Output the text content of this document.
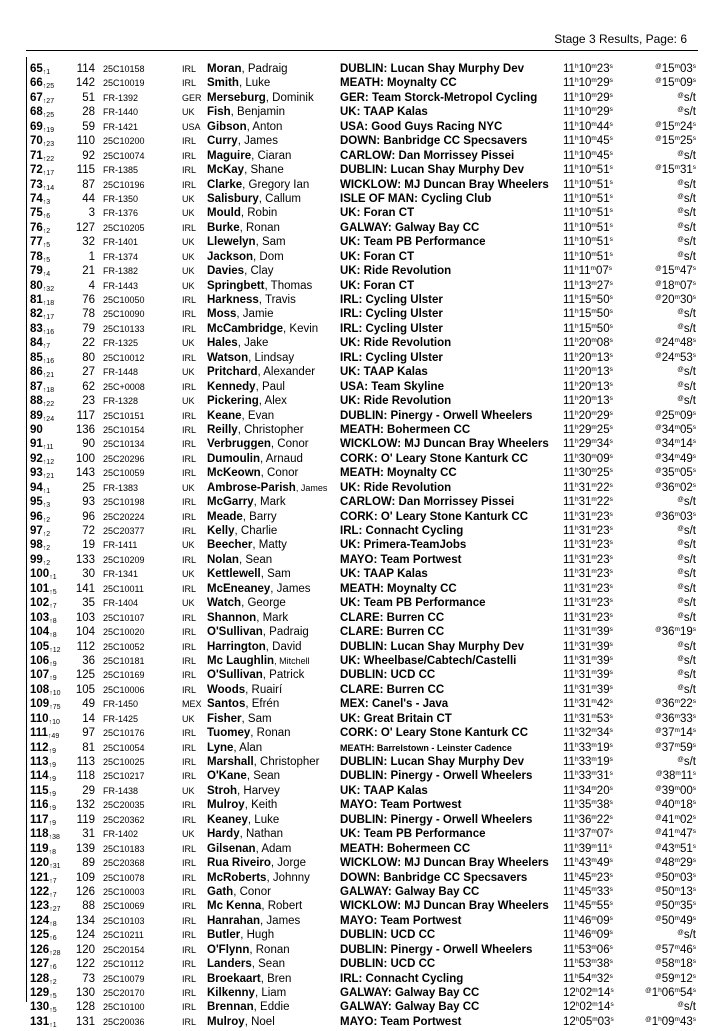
Stage 3 Results, Page: 6
$65_{↑1}$	114 25C10158	IRL Moran, Padraig	DUBLIN: Lucan Shay Murphy Dev	11$^h$10$^m$23$^s$	@15$^m$03$^s$
$66_{↑25}$	142 25C10019	IRL Smith, Luke	MEATH: Moynalty CC	11$^h$10$^m$29$^s$	@15$^m$09$^s$
$67_{↑27}$	51 FR-1392	GER Merseburg, Dominik	GER: Team Storck-Metropol Cycling	11$^h$10$^m$29$^s$	@s/t
$68_{↑25}$	28 FR-1440	UK Fish, Benjamin	UK: TAAP Kalas	11$^h$10$^m$29$^s$	@s/t
$69_{↑19}$	59 FR-1421	USA Gibson, Anton	USA: Good Guys Racing NYC	11$^h$10$^m$44$^s$	@15$^m$24$^s$
$70_{↑23}$	110 25C10200	IRL Curry, James	DOWN: Banbridge CC Specsavers	11$^h$10$^m$45$^s$	@15$^m$25$^s$
$71_{↑22}$	92 25C10074	IRL Maguire, Ciaran	CARLOW: Dan Morrissey Pissei	11$^h$10$^m$45$^s$	@s/t
$72_{↑17}$	115 FR-1385	IRL McKay, Shane	DUBLIN: Lucan Shay Murphy Dev	11$^h$10$^m$51$^s$	@15$^m$31$^s$
$73_{↑14}$	87 25C10196	IRL Clarke, Gregory Ian	WICKLOW: MJ Duncan Bray Wheelers	11$^h$10$^m$51$^s$	@s/t
$74_{↑3}$	44 FR-1350	UK Salisbury, Callum	ISLE OF MAN: Cycling Club	11$^h$10$^m$51$^s$	@s/t
$75_{↑6}$	3 FR-1376	UK Mould, Robin	UK: Foran CT	11$^h$10$^m$51$^s$	@s/t
$76_{↑2}$	127 25C10205	IRL Burke, Ronan	GALWAY: Galway Bay CC	11$^h$10$^m$51$^s$	@s/t
$77_{↑5}$	32 FR-1401	UK Llewelyn, Sam	UK: Team PB Performance	11$^h$10$^m$51$^s$	@s/t
$78_{↑5}$	1 FR-1374	UK Jackson, Dom	UK: Foran CT	11$^h$10$^m$51$^s$	@s/t
$79_{↑4}$	21 FR-1382	UK Davies, Clay	UK: Ride Revolution	11$^h$11$^m$07$^s$	@15$^m$47$^s$
$80_{↑32}$	4 FR-1443	UK Springbett, Thomas	UK: Foran CT	11$^h$13$^m$27$^s$	@18$^m$07$^s$
$81_{↑18}$	76 25C10050	IRL Harkness, Travis	IRL: Cycling Ulster	11$^h$15$^m$50$^s$	@20$^m$30$^s$
$82_{↑17}$	78 25C10090	IRL Moss, Jamie	IRL: Cycling Ulster	11$^h$15$^m$50$^s$	@s/t
$83_{↑16}$	79 25C10133	IRL McCambridge, Kevin	IRL: Cycling Ulster	11$^h$15$^m$50$^s$	@s/t
$84_{↑7}$	22 FR-1325	UK Hales, Jake	UK: Ride Revolution	11$^h$20$^m$08$^s$	@24$^m$48$^s$
$85_{↑16}$	80 25C10012	IRL Watson, Lindsay	IRL: Cycling Ulster	11$^h$20$^m$13$^s$	@24$^m$53$^s$
$86_{↑21}$	27 FR-1448	UK Pritchard, Alexander	UK: TAAP Kalas	11$^h$20$^m$13$^s$	@s/t
$87_{↑18}$	62 25C+0008	IRL Kennedy, Paul	USA: Team Skyline	11$^h$20$^m$13$^s$	@s/t
$88_{↑22}$	23 FR-1328	UK Pickering, Alex	UK: Ride Revolution	11$^h$20$^m$13$^s$	@s/t
$89_{↑24}$	117 25C10151	IRL Keane, Evan	DUBLIN: Pinergy - Orwell Wheelers	11$^h$20$^m$29$^s$	@25$^m$09$^s$
90	136 25C10154	IRL Reilly, Christopher	MEATH: Bohermeen CC	11$^h$29$^m$25$^s$	@34$^m$05$^s$
$91_{↑11}$	90 25C10134	IRL Verbruggen, Conor	WICKLOW: MJ Duncan Bray Wheelers	11$^h$29$^m$34$^s$	@34$^m$14$^s$
$92_{↑12}$	100 25C20296	IRL Dumoulin, Arnaud	CORK: O' Leary Stone Kanturk CC	11$^h$30$^m$09$^s$	@34$^m$49$^s$
$93_{↑21}$	143 25C10059	IRL McKeown, Conor	MEATH: Moynalty CC	11$^h$30$^m$25$^s$	@35$^m$05$^s$
$94_{↑1}$	25 FR-1383	UK Ambrose-Parish, James	UK: Ride Revolution	11$^h$31$^m$22$^s$	@36$^m$02$^s$
$95_{↑3}$	93 25C10198	IRL McGarry, Mark	CARLOW: Dan Morrissey Pissei	11$^h$31$^m$22$^s$	@s/t
$96_{↑2}$	96 25C20224	IRL Meade, Barry	CORK: O' Leary Stone Kanturk CC	11$^h$31$^m$23$^s$	@36$^m$03$^s$
$97_{↑2}$	72 25C20377	IRL Kelly, Charlie	IRL: Connacht Cycling	11$^h$31$^m$23$^s$	@s/t
$98_{↑2}$	19 FR-1411	UK Beecher, Matty	UK: Primera-TeamJobs	11$^h$31$^m$23$^s$	@s/t
$99_{↑2}$	133 25C10209	IRL Nolan, Sean	MAYO: Team Portwest	11$^h$31$^m$23$^s$	@s/t
$100_{↑1}$	30 FR-1341	UK Kettlewell, Sam	UK: TAAP Kalas	11$^h$31$^m$23$^s$	@s/t
$101_{↑5}$	141 25C10011	IRL McEneaney, James	MEATH: Moynalty CC	11$^h$31$^m$23$^s$	@s/t
$102_{↑7}$	35 FR-1404	UK Watch, George	UK: Team PB Performance	11$^h$31$^m$23$^s$	@s/t
$103_{↑8}$	103 25C10107	IRL Shannon, Mark	CLARE: Burren CC	11$^h$31$^m$23$^s$	@s/t
$104_{↑8}$	104 25C10020	IRL O'Sullivan, Padraig	CLARE: Burren CC	11$^h$31$^m$39$^s$	@36$^m$19$^s$
$105_{↑12}$	112 25C10052	IRL Harrington, David	DUBLIN: Lucan Shay Murphy Dev	11$^h$31$^m$39$^s$	@s/t
$106_{↑9}$	36 25C10181	IRL Mc Laughlin, Mitchell	UK: Wheelbase/Cabtech/Castelli	11$^h$31$^m$39$^s$	@s/t
$107_{↑9}$	125 25C10169	IRL O'Sullivan, Patrick	DUBLIN: UCD CC	11$^h$31$^m$39$^s$	@s/t
$108_{↑10}$	105 25C10006	IRL Woods, Ruairí	CLARE: Burren CC	11$^h$31$^m$39$^s$	@s/t
$109_{↑75}$	49 FR-1450	MEX Santos, Efrén	MEX: Canel's - Java	11$^h$31$^m$42$^s$	@36$^m$22$^s$
$110_{↑10}$	14 FR-1425	UK Fisher, Sam	UK: Great Britain CT	11$^h$31$^m$53$^s$	@36$^m$33$^s$
$111_{↑49}$	97 25C10176	IRL Tuomey, Ronan	CORK: O' Leary Stone Kanturk CC	11$^h$32$^m$34$^s$	@37$^m$14$^s$
$112_{↑9}$	81 25C10054	IRL Lyne, Alan	MEATH: Barrelstown - Leinster Cadence	11$^h$33$^m$19$^s$	@37$^m$59$^s$
$113_{↑9}$	113 25C10025	IRL Marshall, Christopher	DUBLIN: Lucan Shay Murphy Dev	11$^h$33$^m$19$^s$	@s/t
$114_{↑9}$	118 25C10217	IRL O'Kane, Sean	DUBLIN: Pinergy - Orwell Wheelers	11$^h$33$^m$31$^s$	@38$^m$11$^s$
$115_{↑9}$	29 FR-1438	UK Stroh, Harvey	UK: TAAP Kalas	11$^h$34$^m$20$^s$	@39$^m$00$^s$
$116_{↑9}$	132 25C20035	IRL Mulroy, Keith	MAYO: Team Portwest	11$^h$35$^m$38$^s$	@40$^m$18$^s$
$117_{↑9}$	119 25C20362	IRL Keaney, Luke	DUBLIN: Pinergy - Orwell Wheelers	11$^h$36$^m$22$^s$	@41$^m$02$^s$
$118_{↑38}$	31 FR-1402	UK Hardy, Nathan	UK: Team PB Performance	11$^h$37$^m$07$^s$	@41$^m$47$^s$
$119_{↑8}$	139 25C10183	IRL Gilsenan, Adam	MEATH: Bohermeen CC	11$^h$39$^m$11$^s$	@43$^m$51$^s$
$120_{↑31}$	89 25C20368	IRL Rua Riveiro, Jorge	WICKLOW: MJ Duncan Bray Wheelers	11$^h$43$^m$49$^s$	@48$^m$29$^s$
$121_{↑7}$	109 25C10078	IRL McRoberts, Johnny	DOWN: Banbridge CC Specsavers	11$^h$45$^m$23$^s$	@50$^m$03$^s$
$122_{↑7}$	126 25C10003	IRL Gath, Conor	GALWAY: Galway Bay CC	11$^h$45$^m$33$^s$	@50$^m$13$^s$
$123_{↑27}$	88 25C10069	IRL Mc Kenna, Robert	WICKLOW: MJ Duncan Bray Wheelers	11$^h$45$^m$55$^s$	@50$^m$35$^s$
$124_{↑8}$	134 25C10103	IRL Hanrahan, James	MAYO: Team Portwest	11$^h$46$^m$09$^s$	@50$^m$49$^s$
$125_{↑6}$	124 25C10211	IRL Butler, Hugh	DUBLIN: UCD CC	11$^h$46$^m$09$^s$	@s/t
$126_{↑28}$	120 25C20154	IRL O'Flynn, Ronan	DUBLIN: Pinergy - Orwell Wheelers	11$^h$53$^m$06$^s$	@57$^m$46$^s$
$127_{↑6}$	122 25C10112	IRL Landers, Sean	DUBLIN: UCD CC	11$^h$53$^m$38$^s$	@58$^m$18$^s$
$128_{↑2}$	73 25C10079	IRL Broekaart, Bren	IRL: Connacht Cycling	11$^h$54$^m$32$^s$	@59$^m$12$^s$
$129_{↑5}$	130 25C20170	IRL Kilkenny, Liam	GALWAY: Galway Bay CC	12$^h$02$^m$14$^s$	@1$^h$06$^m$54$^s$
$130_{↑5}$	128 25C10100	IRL Brennan, Eddie	GALWAY: Galway Bay CC	12$^h$02$^m$14$^s$	@s/t
$131_{↑1}$	131 25C20036	IRL Mulroy, Noel	MAYO: Team Portwest	12$^h$05$^m$03$^s$	@1$^h$09$^m$43$^s$
